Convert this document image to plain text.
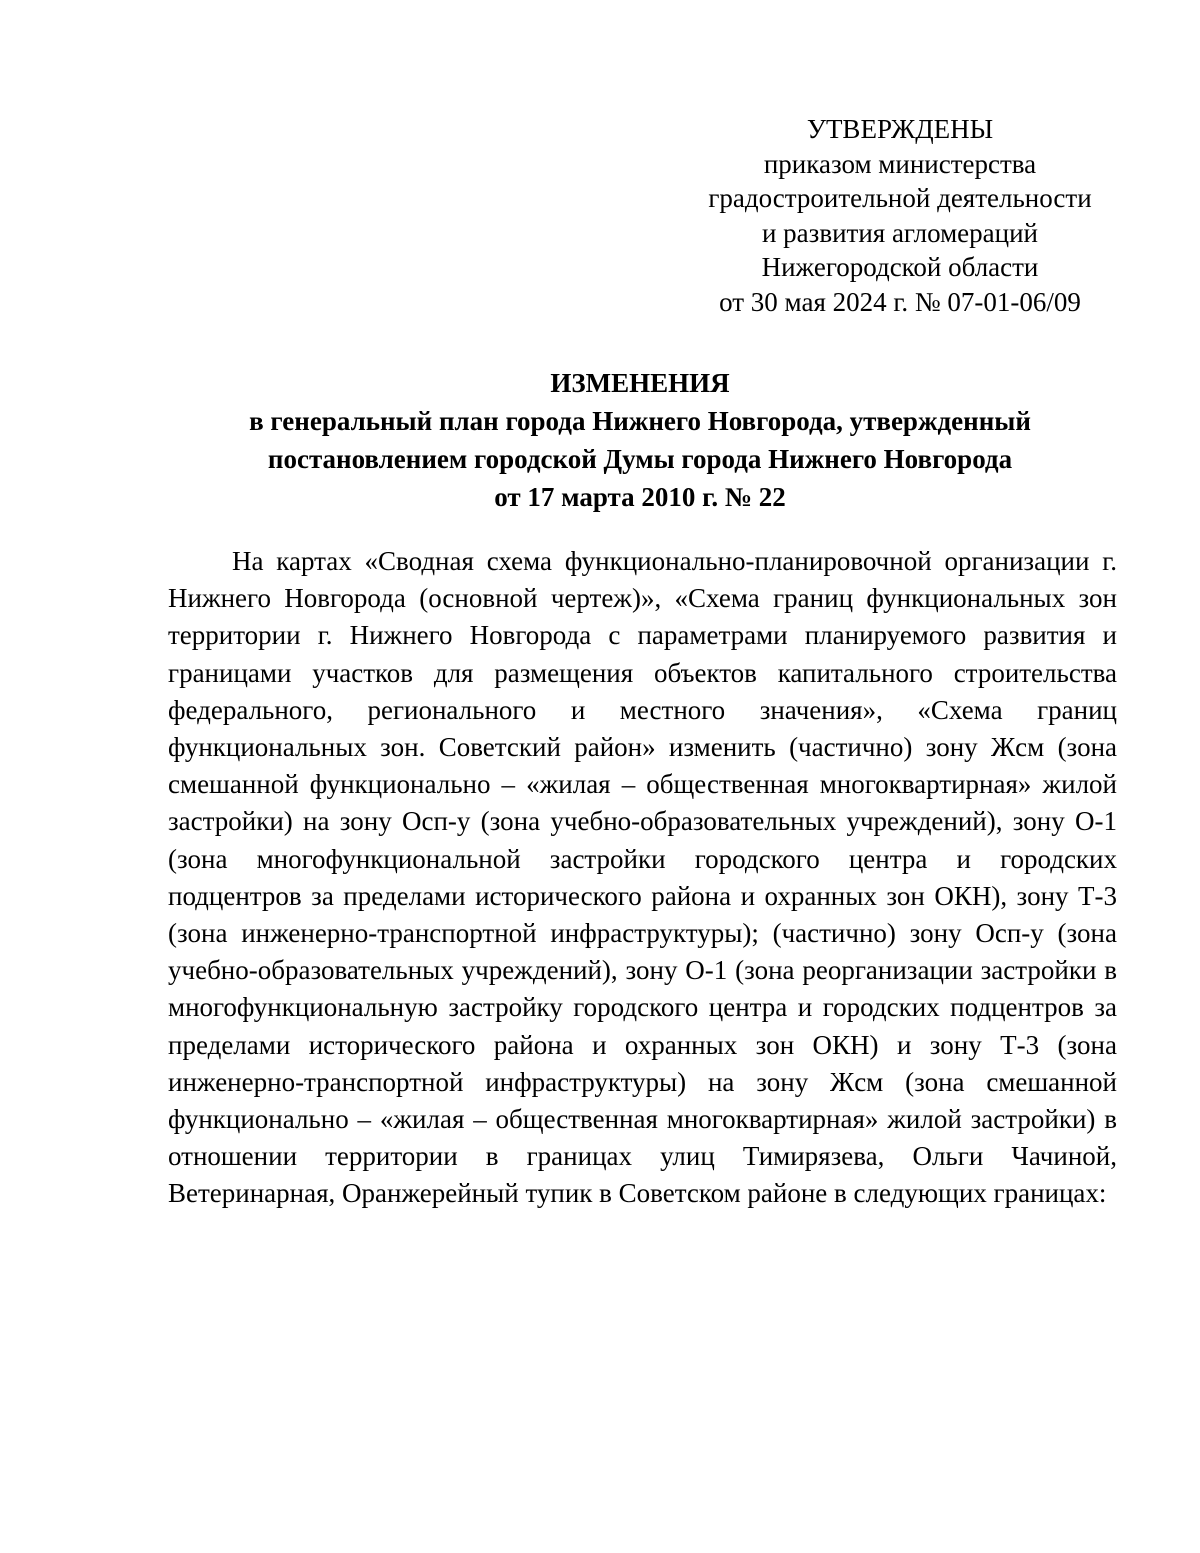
УТВЕРЖДЕНЫ
приказом министерства
градостроительной деятельности
и развития агломераций
Нижегородской области
от 30 мая 2024 г. № 07-01-06/09
ИЗМЕНЕНИЯ
в генеральный план города Нижнего Новгорода, утвержденный
постановлением городской Думы города Нижнего Новгорода
от 17 марта 2010 г. № 22

На картах «Сводная схема функционально-планировочной организации г. Нижнего Новгорода (основной чертеж)», «Схема границ функциональных зон территории г. Нижнего Новгорода с параметрами планируемого развития и границами участков для размещения объектов капитального строительства федерального, регионального и местного значения», «Схема границ функциональных зон. Советский район» изменить (частично) зону Жсм (зона смешанной функционально – «жилая – общественная многоквартирная» жилой застройки) на зону Осп-у (зона учебно-образовательных учреждений), зону О-1 (зона многофункциональной застройки городского центра и городских подцентров за пределами исторического района и охранных зон ОКН), зону Т-3 (зона инженерно-транспортной инфраструктуры); (частично) зону Осп-у (зона учебно-образовательных учреждений), зону О-1 (зона реорганизации застройки в многофункциональную застройку городского центра и городских подцентров за пределами исторического района и охранных зон ОКН) и зону Т-3 (зона инженерно-транспортной инфраструктуры) на зону Жсм (зона смешанной функционально – «жилая – общественная многоквартирная» жилой застройки) в отношении территории в границах улиц Тимирязева, Ольги Чачиной, Ветеринарная, Оранжерейный тупик в Советском районе в следующих границах:
